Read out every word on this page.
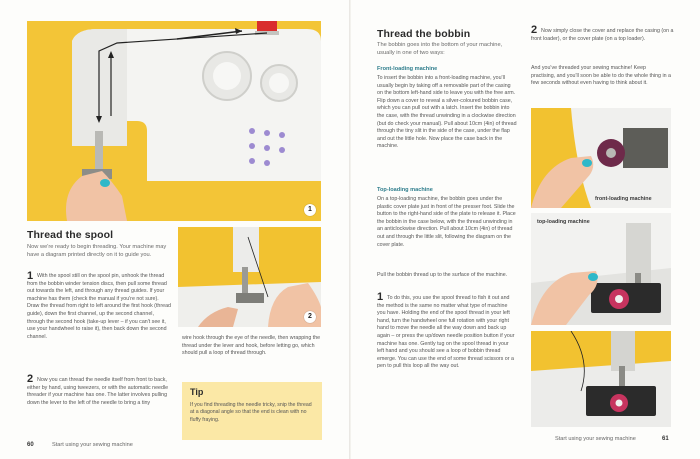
1
2
Thread the spool
Now we're ready to begin threading. Your machine may have a diagram printed directly on it to guide you.
1 With the spool still on the spool pin, unhook the thread from the bobbin winder tension discs, then pull some thread out towards the left, and through any thread guides. If your machine has them (check the manual if you're not sure). Draw the thread from right to left around the first hook (thread guide), down the first channel, up the second channel, through the second hook (take-up lever – if you can't see it, use your handwheel to raise it), then back down the second channel.
2 Now you can thread the needle itself from front to back, either by hand, using tweezers, or with the automatic needle threader if your machine has one. The latter involves pulling down the lever to the left of the needle to bring a tiny
wire hook through the eye of the needle, then wrapping the thread under the lever and hook, before letting go, which should pull a loop of thread through.
Tip
If you find threading the needle tricky, snip the thread at a diagonal angle so that the end is clean with no fluffy fraying.
60	Start using your sewing machine
Thread the bobbin
The bobbin goes into the bottom of your machine, usually in one of two ways:
Front-loading machine
To insert the bobbin into a front-loading machine, you'll usually begin by taking off a removable part of the casing on the bottom left-hand side to leave you with the free arm. Flip down a cover to reveal a silver-coloured bobbin case, which you can pull out with a latch. Insert the bobbin into the case, with the thread unwinding in a clockwise direction (but do check your manual). Pull about 10cm (4in) of thread through the tiny slit in the side of the case, under the flap and out the little hole. Now place the case back in the machine.
Top-loading machine
On a top-loading machine, the bobbin goes under the plastic cover plate just in front of the presser foot. Slide the button to the right-hand side of the plate to release it. Place the bobbin in the case below, with the thread unwinding in an anticlockwise direction. Pull about 10cm (4in) of thread out and through the little slit, following the diagram on the cover plate.
Pull the bobbin thread up to the surface of the machine.
1 To do this, you use the spool thread to fish it out and the method is the same no matter what type of machine you have. Holding the end of the spool thread in your left hand, turn the handwheel one full rotation with your right hand to move the needle all the way down and back up again – or press the up/down needle position button if your machine has one. Gently tug on the spool thread in your left hand and you should see a loop of bobbin thread emerge. You can use the end of some thread scissors or a pen to pull this loop all the way out.
Start using your sewing machine	61
2 Now simply close the cover and replace the casing (on a front loader), or the cover plate (on a top loader).
And you've threaded your sewing machine! Keep practising, and you'll soon be able to do the whole thing in a few seconds without even having to think about it.
front-loading machine
top-loading machine
